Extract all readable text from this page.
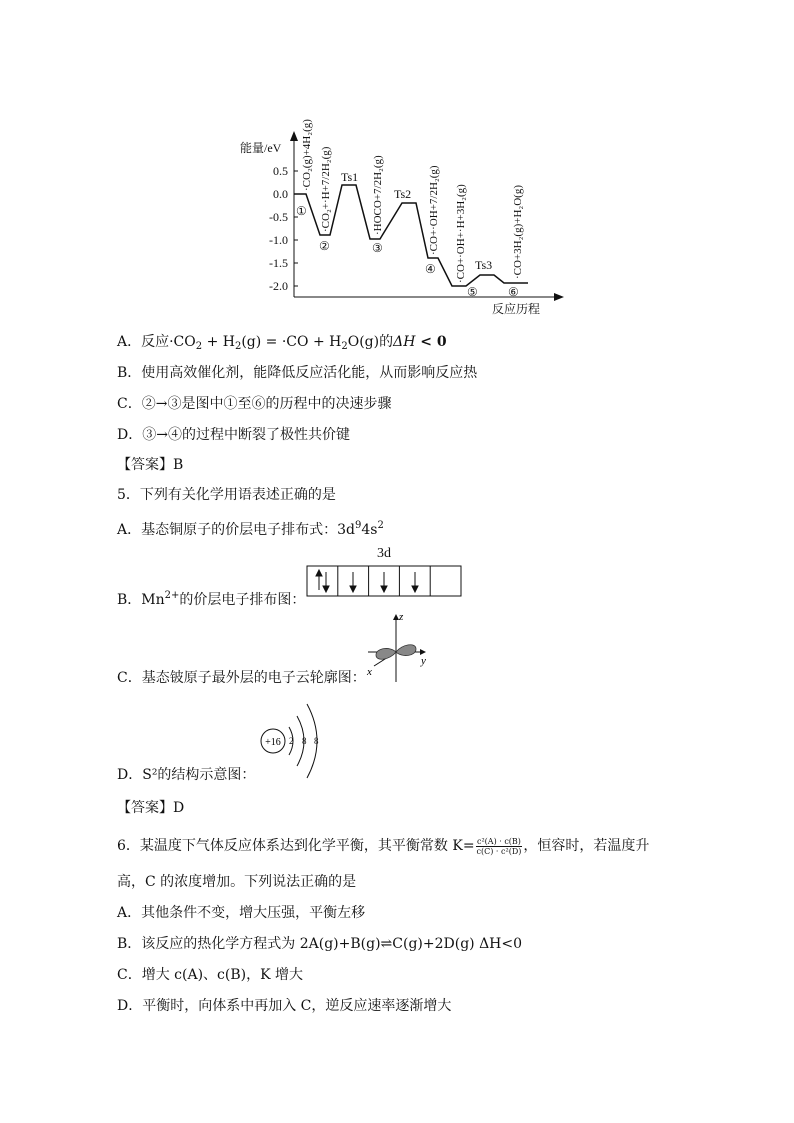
能量/eV
反应历程
0.5
0.0
-0.5
-1.0
-1.5
-2.0
①
②	③
④
⑤	⑥
Ts1
Ts2
Ts3
·CO₂(g)+4H₂(g) ·CO₂+·H+7/2H₂(g)	·HOCO+7/2H₂(g)	·CO+·OH+7/2H₂(g) ·CO+·OH+·H+3H₂(g)	·CO+3H₂(g)+H₂O(g)
A．反应$\cdot CO_2 + H_2(g) = \cdot CO + H_2O(g)$的ΔH < 0
B．使用高效催化剂，能降低反应活化能，从而影响反应热
C．②→③是图中①至⑥的历程中的决速步骤
D．③→④的过程中断裂了极性共价键
【答案】B
5．下列有关化学用语表述正确的是
A．基态铜原子的价层电子排布式：$3d^94s^2$
3d
B．$Mn^{2+}$的价层电子排布图：
z
y
x
C．基态铍原子最外层的电子云轮廓图：
+16 2 8 8
D．S²的结构示意图：
【答案】D
6．某温度下气体反应体系达到化学平衡，其平衡常数 $K= \frac{\text{c²(A) · c(B)}}{\text{c(C) · c²(D)}}$ ，恒容时，若温度升
高，C 的浓度增加。下列说法正确的是
A．其他条件不变，增大压强，平衡左移
B．该反应的热化学方程式为 2A(g)+B(g)⇌C(g)+2D(g) ΔH<0
C．增大 c(A)、c(B)，K 增大
D．平衡时，向体系中再加入 C，逆反应速率逐渐增大
